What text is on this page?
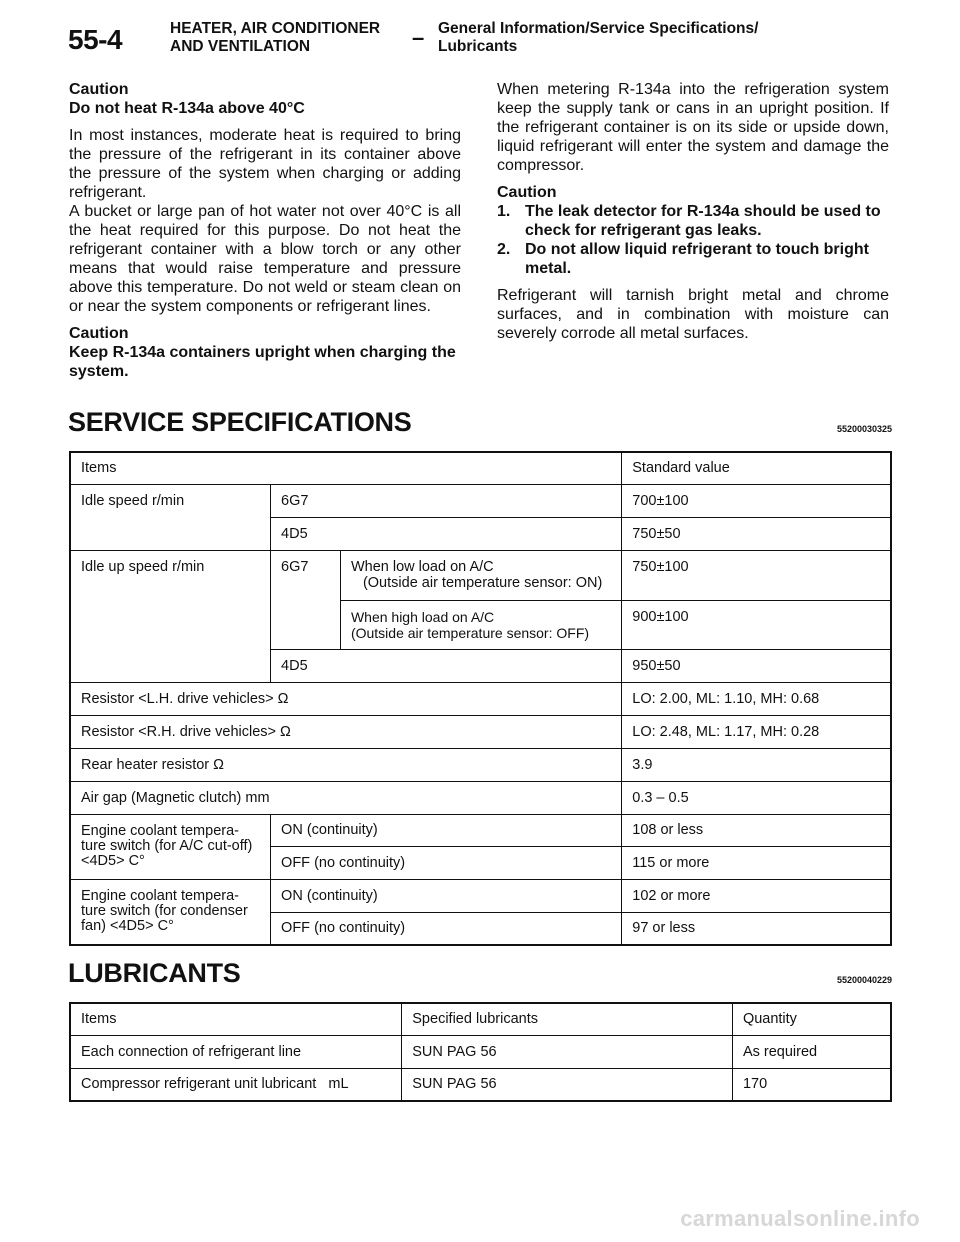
55-4	HEATER, AIR CONDITIONER
AND VENTILATION	– General Information/Service Specifications/
Lubricants
Caution

Do not heat R-134a above 40°C

In most instances, moderate heat is required to bring the pressure of the refrigerant in its container above the pressure of the system when charging or adding refrigerant.

A bucket or large pan of hot water not over 40°C is all the heat required for this purpose. Do not heat the refrigerant container with a blow torch or any other means that would raise temperature and pressure above this temperature. Do not weld or steam clean on or near the system components or refrigerant lines.

Caution

Keep R-134a containers upright when charging the system.

When metering R-134a into the refrigeration system keep the supply tank or cans in an upright position. If the refrigerant container is on its side or upside down, liquid refrigerant will enter the system and damage the compressor.

Caution
1. The leak detector for R-134a should be used to check for refrigerant gas leaks.
2. Do not allow liquid refrigerant to touch bright metal.

Refrigerant will tarnish bright metal and chrome surfaces, and in combination with moisture can severely corrode all metal surfaces.

SERVICE SPECIFICATIONS	55200030325
Items			Standard value
Idle speed r/min	6G7		700±100
	4D5		750±50
Idle up speed r/min	6G7	When low load on A/C
(Outside air temperature sensor: ON)	750±100

		When high load on A/C
(Outside air temperature sensor: OFF)	900±100
	4D5		950±50
Resistor <L.H. drive vehicles> Ω			LO: 2.00, ML: 1.10, MH: 0.68
Resistor <R.H. drive vehicles> Ω			LO: 2.48, ML: 1.17, MH: 0.28
Rear heater resistor Ω			3.9
Air gap (Magnetic clutch) mm			0.3 – 0.5

Engine coolant tempera-
ture switch (for A/C cut-off)
<4D5> C°	ON (continuity)		108 or less
	OFF (no continuity)		115 or more

Engine coolant tempera-
ture switch (for condenser
fan) <4D5> C°	ON (continuity)		102 or more
	OFF (no continuity)		97 or less
LUBRICANTS	55200040229
Items	Specified lubricants	Quantity
Each connection of refrigerant line	SUN PAG 56	As required
Compressor refrigerant unit lubricant   mL	SUN PAG 56	170
carmanualsonline.info
